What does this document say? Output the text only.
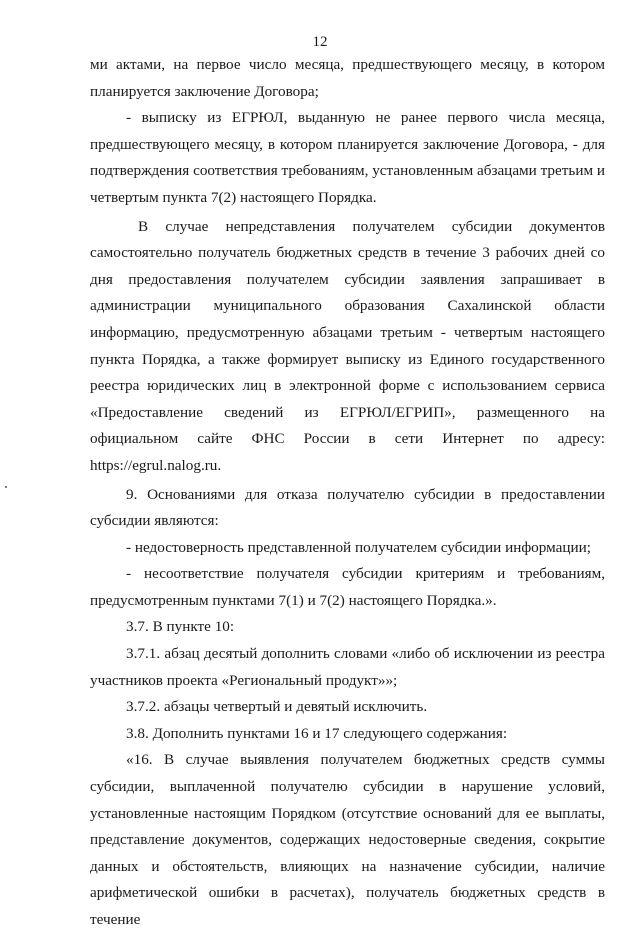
12

ми актами, на первое число месяца, предшествующего месяцу, в котором планируется заключение Договора;

- выписку из ЕГРЮЛ, выданную не ранее первого числа месяца, предшествующего месяцу, в котором планируется заключение Договора, - для подтверждения соответствия требованиям, установленным абзацами третьим и четвертым пункта 7(2) настоящего Порядка.

В случае непредставления получателем субсидии документов самостоятельно получатель бюджетных средств в течение 3 рабочих дней со дня предоставления получателем субсидии заявления запрашивает в администрации муниципального образования Сахалинской области информацию, предусмотренную абзацами третьим - четвертым настоящего пункта Порядка, а также формирует выписку из Единого государственного реестра юридических лиц в электронной форме с использованием сервиса «Предоставление сведений из ЕГРЮЛ/ЕГРИП», размещенного на официальном сайте ФНС России в сети Интернет по адресу: https://egrul.nalog.ru.

9. Основаниями для отказа получателю субсидии в предоставлении субсидии являются:

- недостоверность представленной получателем субсидии информации;

- несоответствие получателя субсидии критериям и требованиям, предусмотренным пунктами 7(1) и 7(2) настоящего Порядка.».

3.7. В пункте 10:

3.7.1. абзац десятый дополнить словами «либо об исключении из реестра участников проекта «Региональный продукт»»;

3.7.2. абзацы четвертый и девятый исключить.

3.8. Дополнить пунктами 16 и 17 следующего содержания:

«16. В случае выявления получателем бюджетных средств суммы субсидии, выплаченной получателю субсидии в нарушение условий, установленные настоящим Порядком (отсутствие оснований для ее выплаты, представление документов, содержащих недостоверные сведения, сокрытие данных и обстоятельств, влияющих на назначение субсидии, наличие арифметической ошибки в расчетах), получатель бюджетных средств в течение
